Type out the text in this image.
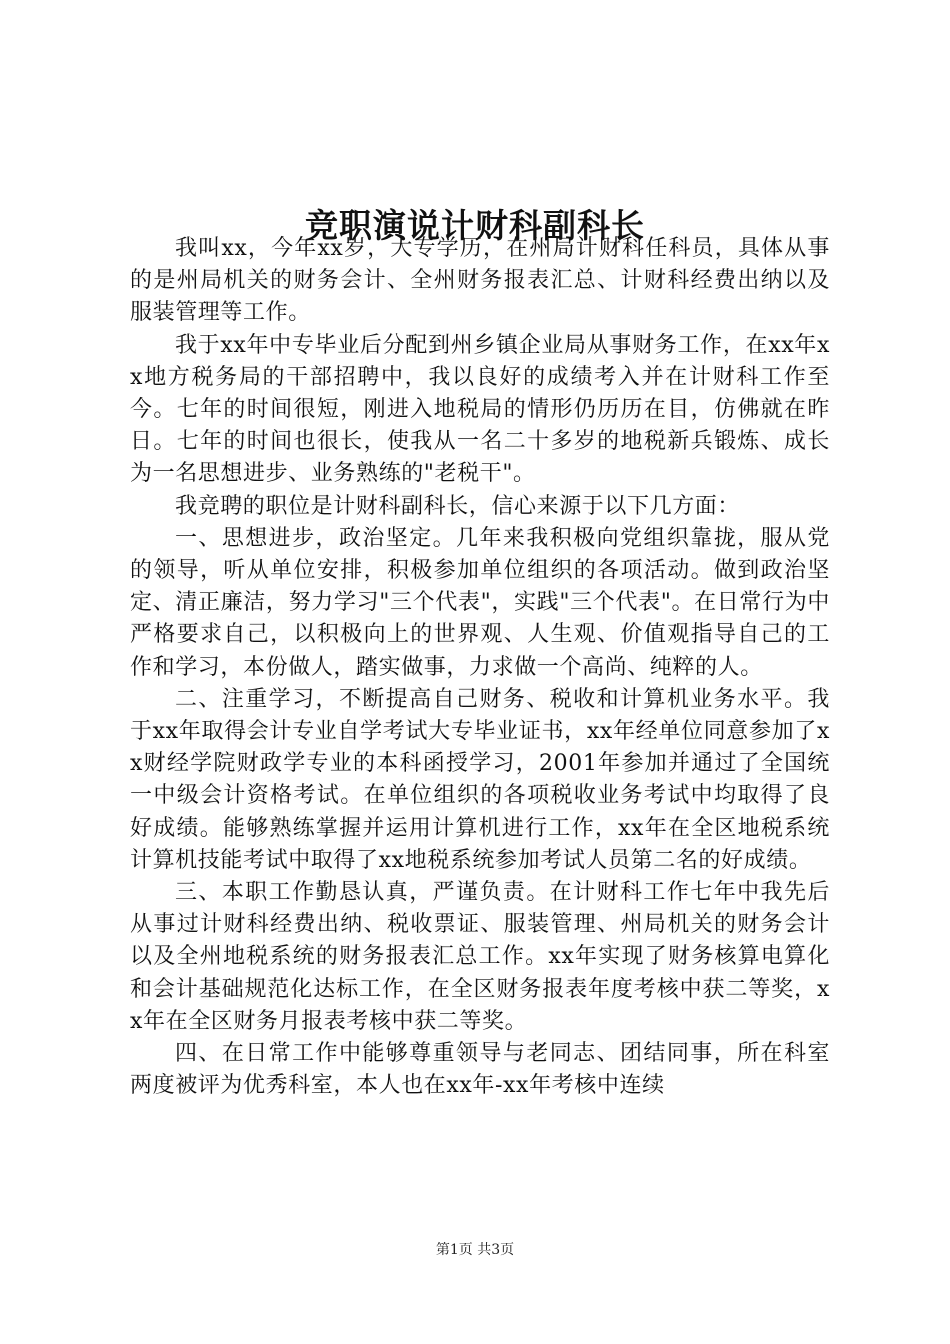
竞职演说计财科副科长

我叫xx，今年xx岁，大专学历，在州局计财科任科员，具体从事的是州局机关的财务会计、全州财务报表汇总、计财科经费出纳以及服装管理等工作。

我于xx年中专毕业后分配到州乡镇企业局从事财务工作，在xx年xx地方税务局的干部招聘中，我以良好的成绩考入并在计财科工作至今。七年的时间很短，刚进入地税局的情形仍历历在目，仿佛就在昨日。七年的时间也很长，使我从一名二十多岁的地税新兵锻炼、成长为一名思想进步、业务熟练的"老税干"。

我竞聘的职位是计财科副科长，信心来源于以下几方面：

一、思想进步，政治坚定。几年来我积极向党组织靠拢，服从党的领导，听从单位安排，积极参加单位组织的各项活动。做到政治坚定、清正廉洁，努力学习"三个代表"，实践"三个代表"。在日常行为中严格要求自己，以积极向上的世界观、人生观、价值观指导自己的工作和学习，本份做人，踏实做事，力求做一个高尚、纯粹的人。

二、注重学习，不断提高自己财务、税收和计算机业务水平。我于xx年取得会计专业自学考试大专毕业证书，xx年经单位同意参加了xx财经学院财政学专业的本科函授学习，2001年参加并通过了全国统一中级会计资格考试。在单位组织的各项税收业务考试中均取得了良好成绩。能够熟练掌握并运用计算机进行工作，xx年在全区地税系统计算机技能考试中取得了xx地税系统参加考试人员第二名的好成绩。

三、本职工作勤恳认真，严谨负责。在计财科工作七年中我先后从事过计财科经费出纳、税收票证、服装管理、州局机关的财务会计以及全州地税系统的财务报表汇总工作。xx年实现了财务核算电算化和会计基础规范化达标工作，在全区财务报表年度考核中获二等奖，xx年在全区财务月报表考核中获二等奖。

四、在日常工作中能够尊重领导与老同志、团结同事，所在科室两度被评为优秀科室，本人也在xx年-xx年考核中连续

第1页 共3页
